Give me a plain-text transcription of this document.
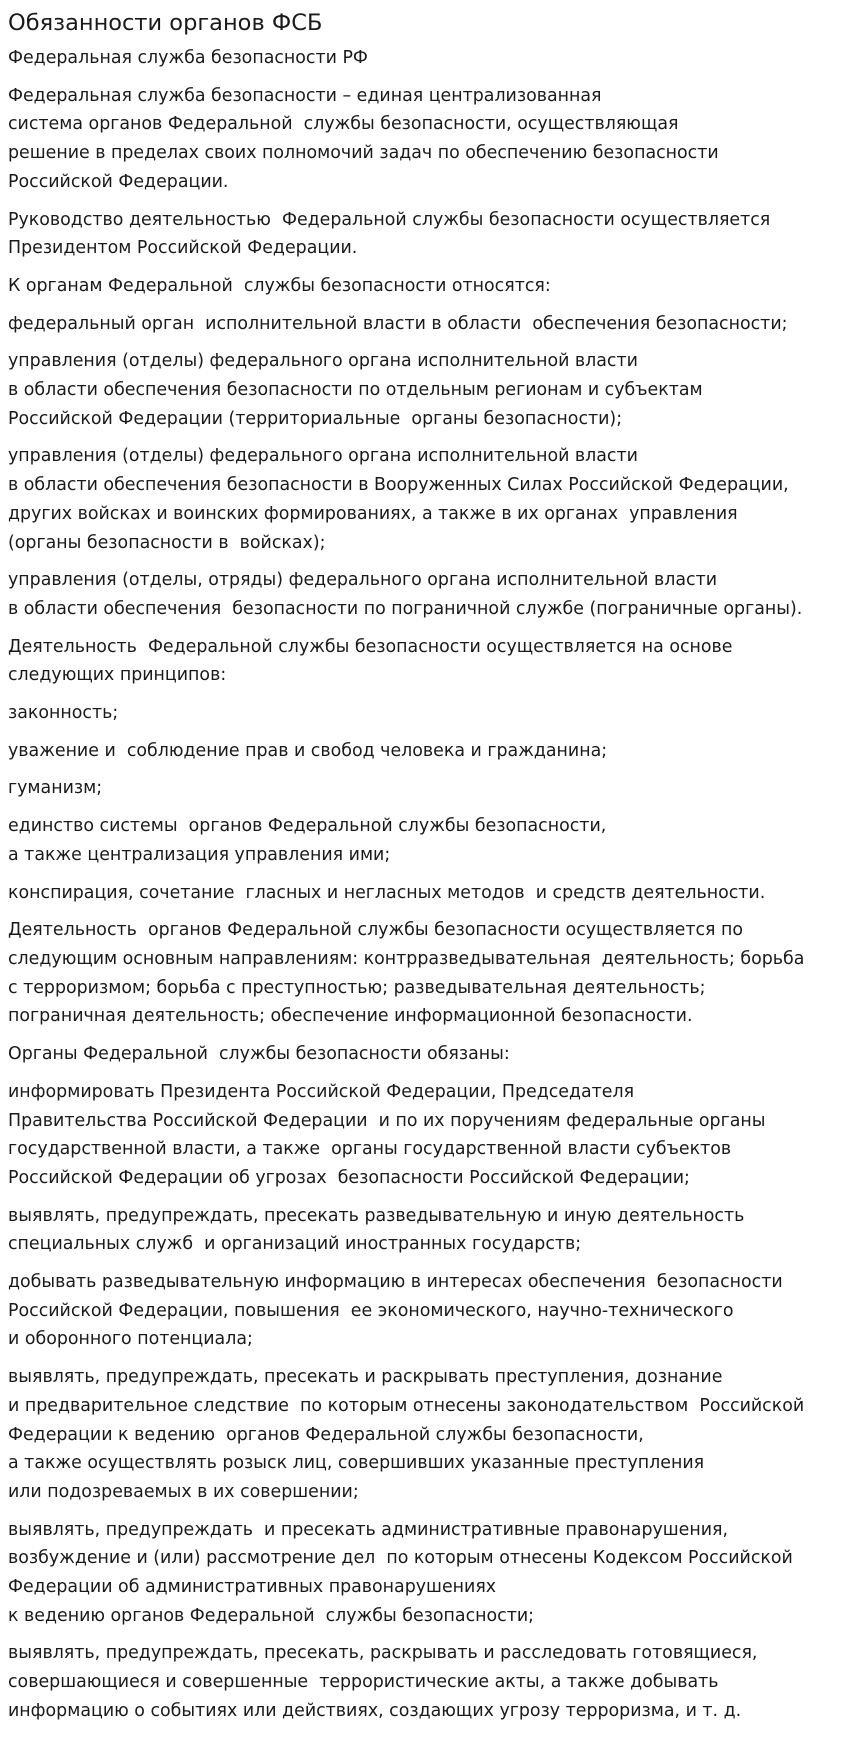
Обязанности органов ФСБ

Федеральная служба безопасности РФ

Федеральная служба безопасности – единая централизованная
система органов Федеральной  службы безопасности, осуществляющая
решение в пределах своих полномочий задач по обеспечению безопасности
Российской Федерации.

Руководство деятельностью  Федеральной службы безопасности осуществляется
Президентом Российской Федерации.

К органам Федеральной  службы безопасности относятся:

федеральный орган  исполнительной власти в области  обеспечения безопасности;

управления (отделы) федерального органа исполнительной власти
в области обеспечения безопасности по отдельным регионам и субъектам
Российской Федерации (территориальные  органы безопасности);

управления (отделы) федерального органа исполнительной власти
в области обеспечения безопасности в Вооруженных Силах Российской Федерации,
других войсках и воинских формированиях, а также в их органах  управления
(органы безопасности в  войсках);

управления (отделы, отряды) федерального органа исполнительной власти
в области обеспечения  безопасности по пограничной службе (пограничные органы).

Деятельность  Федеральной службы безопасности осуществляется на основе
следующих принципов:

законность;

уважение и  соблюдение прав и свобод человека и гражданина;

гуманизм;

единство системы  органов Федеральной службы безопасности,
а также централизация управления ими;

конспирация, сочетание  гласных и негласных методов  и средств деятельности.

Деятельность  органов Федеральной службы безопасности осуществляется по
следующим основным направлениям: контрразведывательная  деятельность; борьба
с терроризмом; борьба с преступностью; разведывательная деятельность;
пограничная деятельность; обеспечение информационной безопасности.

Органы Федеральной  службы безопасности обязаны:

информировать Президента Российской Федерации, Председателя
Правительства Российской Федерации  и по их поручениям федеральные органы
государственной власти, а также  органы государственной власти субъектов
Российской Федерации об угрозах  безопасности Российской Федерации;

выявлять, предупреждать, пресекать разведывательную и иную деятельность
специальных служб  и организаций иностранных государств;

добывать разведывательную информацию в интересах обеспечения  безопасности
Российской Федерации, повышения  ее экономического, научно-технического
и оборонного потенциала;

выявлять, предупреждать, пресекать и раскрывать преступления, дознание
и предварительное следствие  по которым отнесены законодательством  Российской
Федерации к ведению  органов Федеральной службы безопасности,
а также осуществлять розыск лиц, совершивших указанные преступления
или подозреваемых в их совершении;

выявлять, предупреждать  и пресекать административные правонарушения,
возбуждение и (или) рассмотрение дел  по которым отнесены Кодексом Российской
Федерации об административных правонарушениях
к ведению органов Федеральной  службы безопасности;

выявлять, предупреждать, пресекать, раскрывать и расследовать готовящиеся,
совершающиеся и совершенные  террористические акты, а также добывать
информацию о событиях или действиях, создающих угрозу терроризма, и т. д.
